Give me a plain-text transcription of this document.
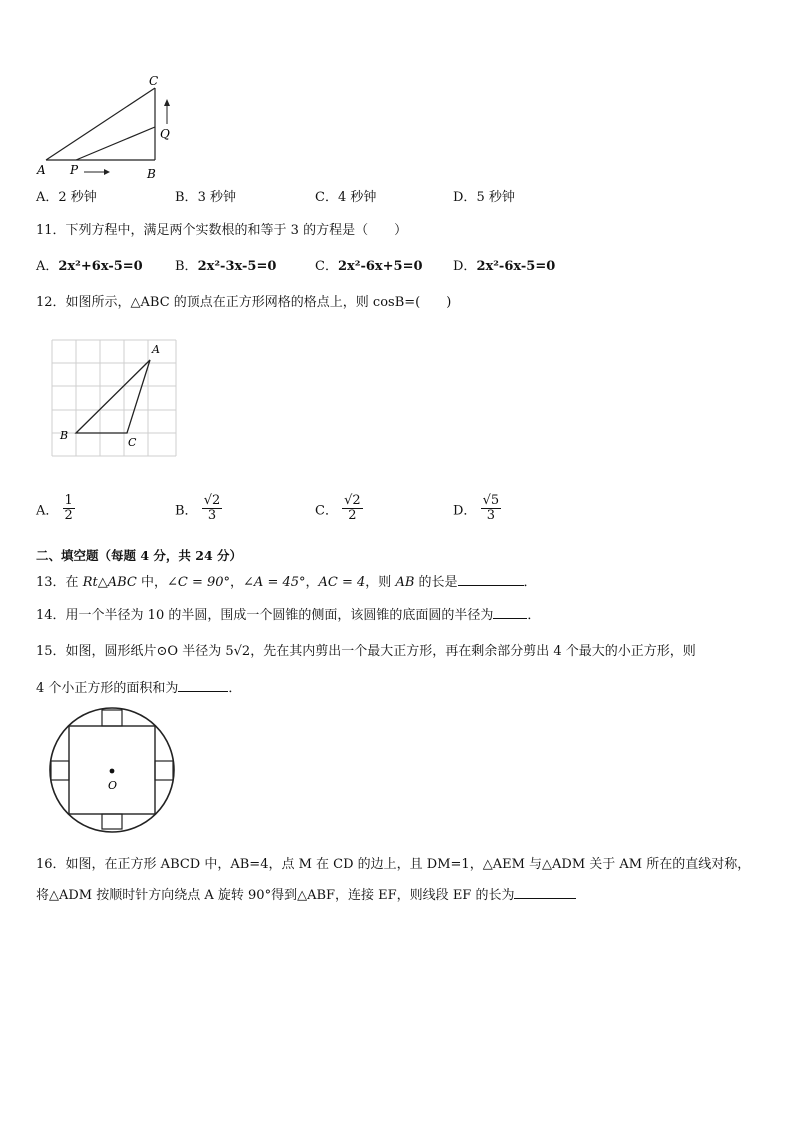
A P	B
C
Q
A．2 秒钟	B．3 秒钟	C．4 秒钟	D．5 秒钟
11．下列方程中，满足两个实数根的和等于 3 的方程是（　　）
A．2x²+6x-5=0 B．2x²-3x-5=0	C．2x²-6x+5=0 D．2x²-6x-5=0
12．如图所示，△ABC 的顶点在正方形网格的格点上，则 cosB=(　　)
B
C
A
A． $\frac{1}{2}$	B． $\frac{√2}{3}$	C． $\frac{√2}{2}$	D． $\frac{√5}{3}$
二、填空题（每题 4 分，共 24 分）
13．在 Rt△ABC 中，∠C = 90°，∠A = 45°，AC = 4，则 AB 的长是	．
14．用一个半径为 10 的半圆，围成一个圆锥的侧面，该圆锥的底面圆的半径为	．
15．如图，圆形纸片⊙O 半径为 5√2，先在其内剪出一个最大正方形，再在剩余部分剪出 4 个最大的小正方形，则
4 个小正方形的面积和为	．
O
16．如图，在正方形 ABCD 中，AB=4，点 M 在 CD 的边上，且 DM=1，△AEM 与△ADM 关于 AM 所在的直线对称，
将△ADM 按顺时针方向绕点 A 旋转 90°得到△ABF，连接 EF，则线段 EF 的长为
